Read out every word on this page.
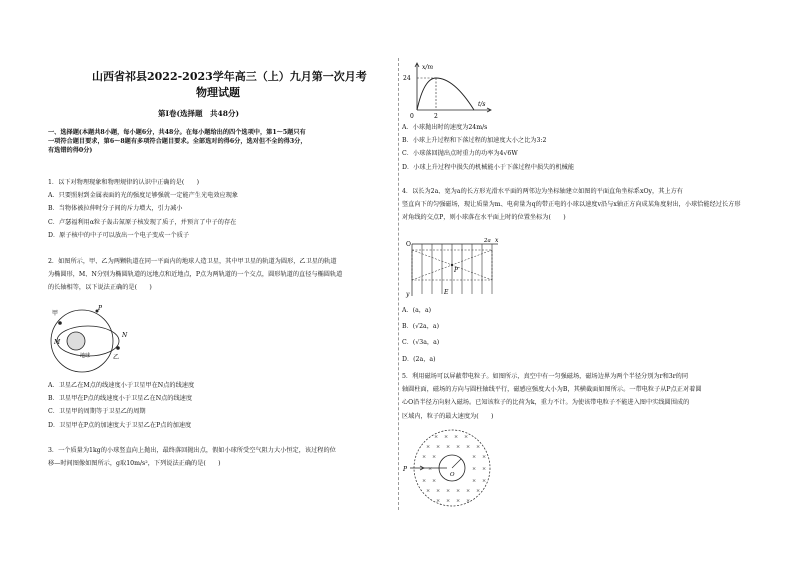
山西省祁县2022-2023学年高三（上）九月第一次月考
物理试题
第Ⅰ卷(选择题　共48分)
一、选择题(本题共8小题，每小题6分，共48分。在每小题给出的四个选项中，第1～5题只有
一项符合题目要求，第6～8题有多项符合题目要求。全部选对的得6分，选对但不全的得3分，
有选错的得0分)
1．以下对物理现象和物理规律的认识中正确的是(　　)
A．只要照射到金属表面的光的强度足够强就一定能产生光电效应现象
B．当物体被拉伸时分子间的斥力增大，引力减小
C．卢瑟福利用α粒子轰击氮原子核发现了质子，并预言了中子的存在
D．原子核中的中子可以放出一个电子变成一个质子
2．如图所示，甲、乙为两颗轨道在同一平面内的地球人造卫星，其中甲卫星的轨道为圆形，乙卫星的轨道
为椭圆形，M、N分别为椭圆轨道的远地点和近地点，P点为两轨道的一个交点，圆形轨道的直径与椭圆轨道
的长轴相等，以下说法正确的是(　　)
甲
P
M
N
地球	乙
A．卫星乙在M点的线速度小于卫星甲在N点的线速度
B．卫星甲在P点的线速度小于卫星乙在N点的线速度
C．卫星甲的周期等于卫星乙的周期
D．卫星甲在P点的加速度大于卫星乙在P点的加速度
3．一个质量为1kg的小球竖直向上抛出，最终落回抛出点，假如小球所受空气阻力大小恒定，该过程的位
移—时间图像如图所示，g取10m/s²，下列说法正确的是(　　)
x/m
24
t/s
0	2
A．小球抛出时的速度为24m/s
B．小球上升过程和下落过程的加速度大小之比为3:2
C．小球落回抛出点时重力的功率为4√6W
D．小球上升过程中损失的机械能小于下落过程中损失的机械能
4．以长为2a、宽为a的长方形光滑水平面的两邻边为坐标轴建立如图的平面直角坐标系xOy，其上方有
竖直向下的匀强磁场，现让质量为m、电荷量为q的带正电的小球以速度v沿与x轴正方向成某角度射出，小球恰能经过长方形
对角线的交点P，则小球落在水平面上时的位置坐标为(　　)
O	2a x
P
y	E
A．(a，a)
B．(√2a，a)
C．(√3a，a)
D．(2a，a)
5．利用磁场可以屏蔽带电粒子。如图所示，真空中有一匀强磁场，磁场边界为两个半径分别为r和3r的同
轴圆柱面，磁场的方向与圆柱轴线平行，磁感应强度大小为B，其横截面如图所示。一带电粒子从P点正对着圆
心O沿半径方向射入磁场。已知该粒子的比荷为k，重力不计。为使该带电粒子不能进入图中实线圆围成的
区域内，粒子的最大速度为(　　)
× × × ×
× × × × × ×
× ×	× ×
×	× ×
× ×	× ×
× × × × × ×
× × × ×
P
O
